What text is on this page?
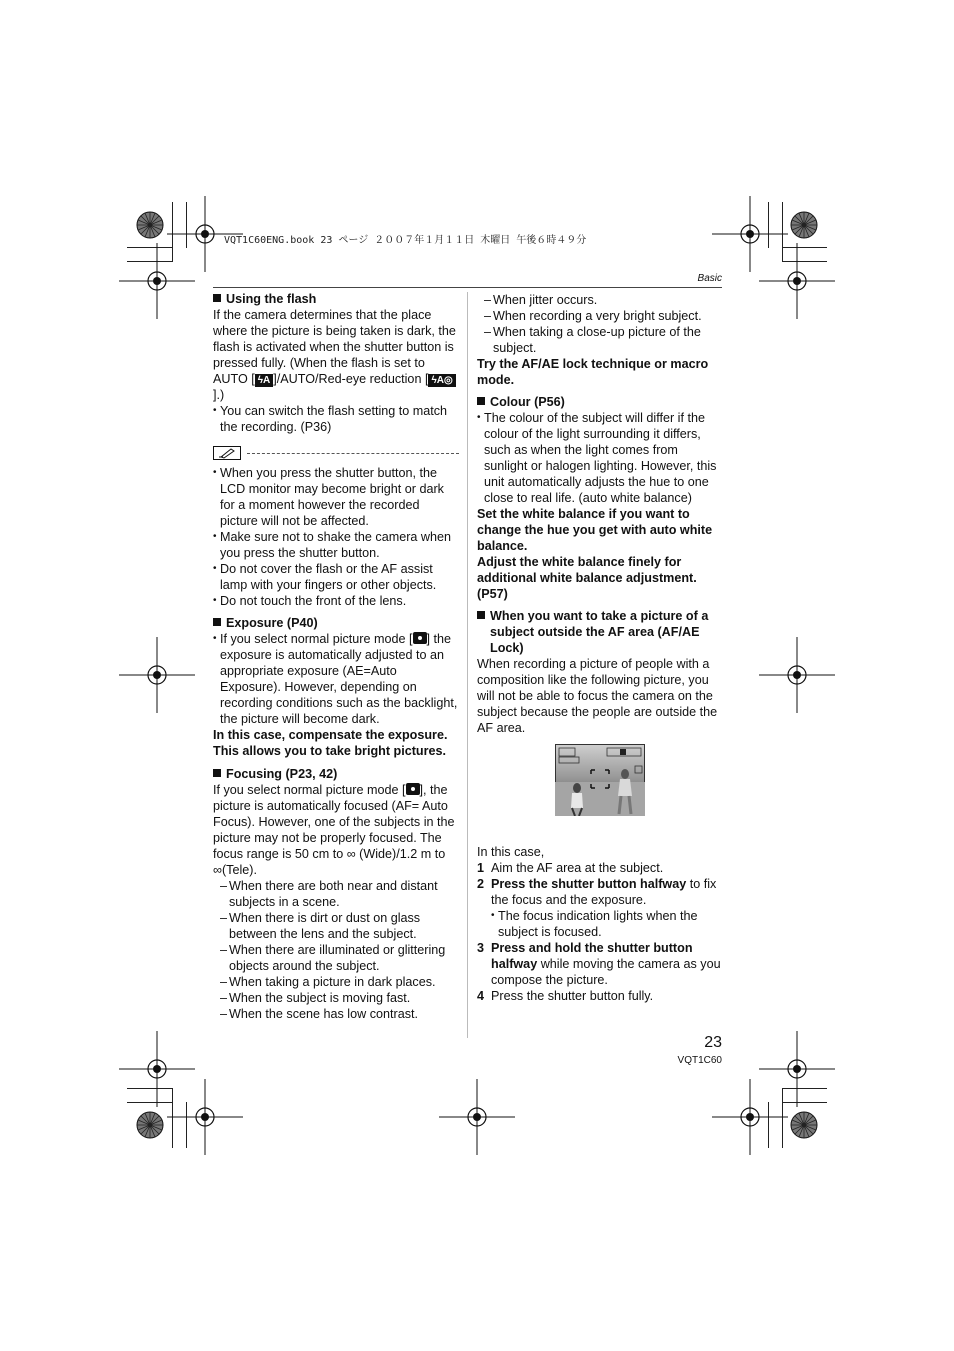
VQT1C60ENG.book 23 ページ ２００７年１月１１日 木曜日 午後６時４９分
Basic

Using the flash

If the camera determines that the place where the picture is being taken is dark, the flash is activated when the shutter button is pressed fully. (When the flash is set to AUTO [ ϟA ]/AUTO/Red-eye reduction [ ϟA◎].)

• You can switch the flash setting to match the recording. (P36)

• When you press the shutter button, the LCD monitor may become bright or dark for a moment however the recorded picture will not be affected.

• Make sure not to shake the camera when you press the shutter button.

• Do not cover the flash or the AF assist lamp with your fingers or other objects.

• Do not touch the front of the lens.

Exposure (P40)

• If you select normal picture mode [ ] the exposure is automatically adjusted to an appropriate exposure (AE=Auto Exposure). However, depending on recording conditions such as the backlight, the picture will become dark.

In this case, compensate the exposure. This allows you to take bright pictures.

Focusing (P23, 42)

If you select normal picture mode [ ], the picture is automatically focused (AF= Auto Focus). However, one of the subjects in the picture may not be properly focused. The focus range is 50 cm to ∞ (Wide)/1.2 m to ∞(Tele).

– When there are both near and distant subjects in a scene.

– When there is dirt or dust on glass between the lens and the subject.

– When there are illuminated or glittering objects around the subject.

– When taking a picture in dark places.

– When the subject is moving fast.

– When the scene has low contrast.

– When jitter occurs.

– When recording a very bright subject.

– When taking a close-up picture of the subject.

Try the AF/AE lock technique or macro mode.

Colour (P56)

• The colour of the subject will differ if the colour of the light surrounding it differs, such as when the light comes from sunlight or halogen lighting. However, this unit automatically adjusts the hue to one close to real life. (auto white balance)

Set the white balance if you want to change the hue you get with auto white balance.

Adjust the white balance finely for additional white balance adjustment. (P57)

When you want to take a picture of a subject outside the AF area (AF/AE Lock)

When recording a picture of people with a composition like the following picture, you will not be able to focus the camera on the subject because the people are outside the AF area.

In this case,

1 Aim the AF area at the subject.

2 Press the shutter button halfway to fix the focus and the exposure.

• The focus indication lights when the subject is focused.

3 Press and hold the shutter button halfway while moving the camera as you compose the picture.

4 Press the shutter button fully.

23
VQT1C60
